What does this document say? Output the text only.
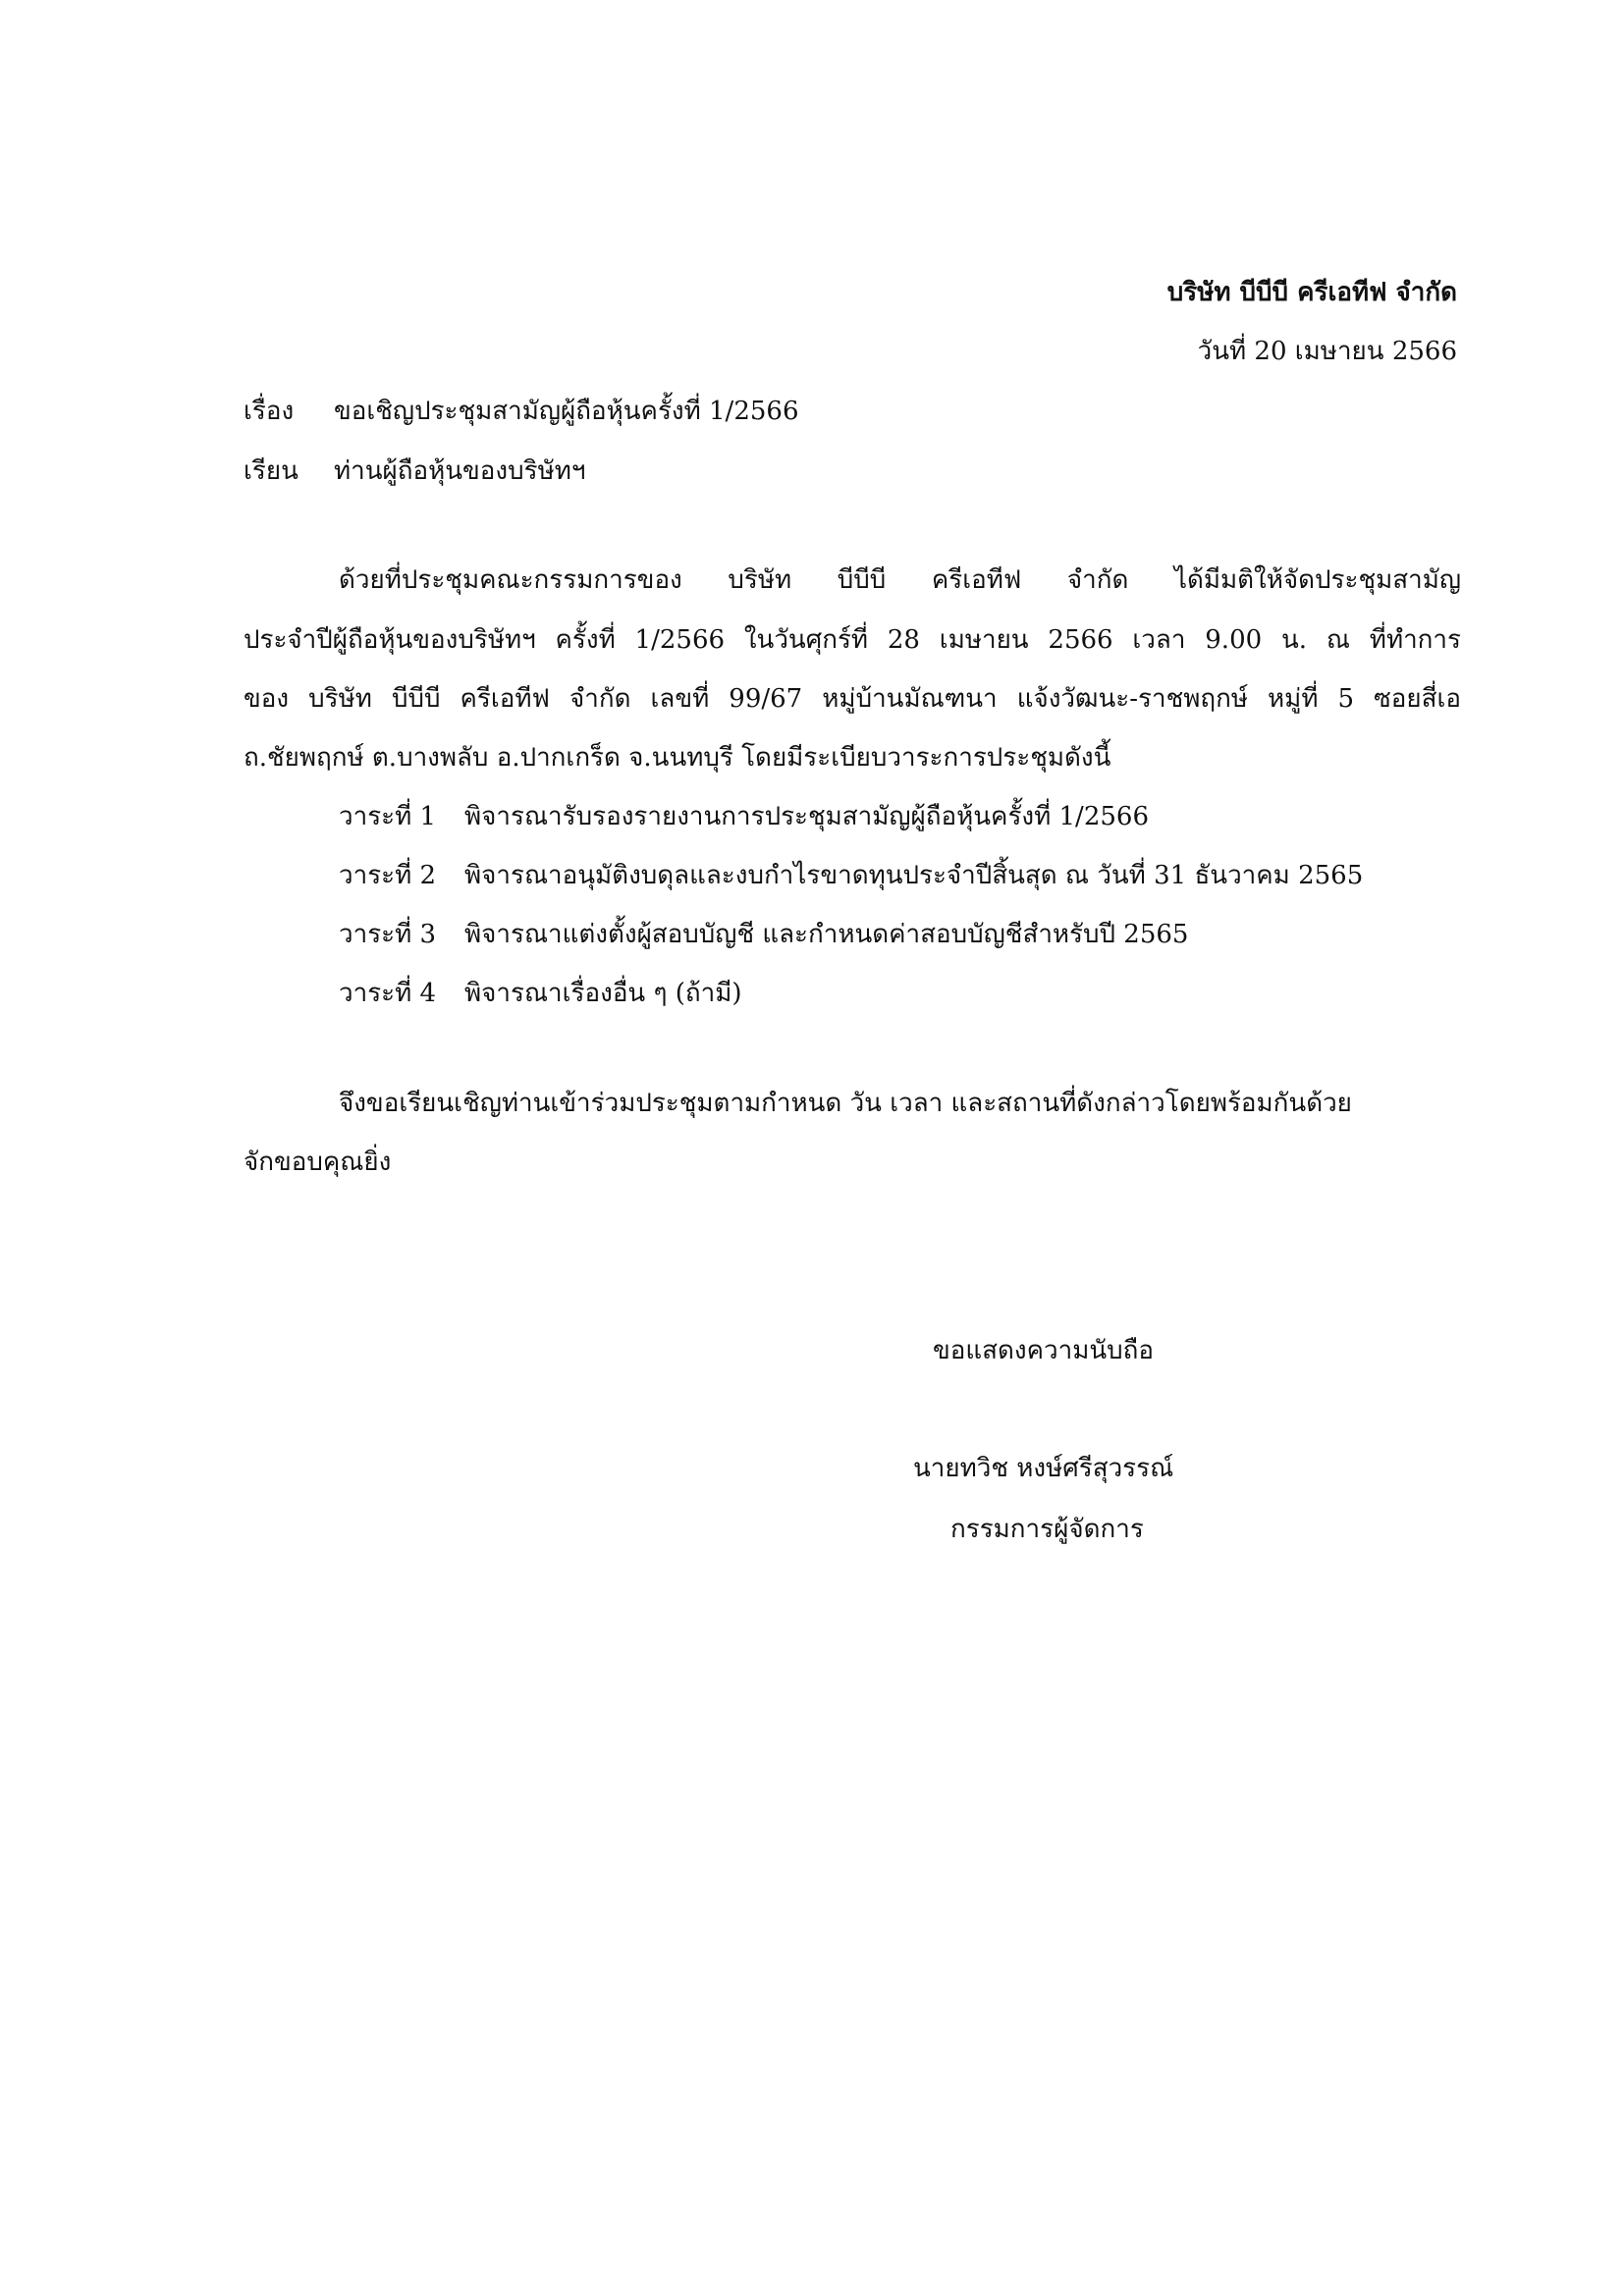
บริษัท บีบีบี ครีเอทีฟ จำกัด
วันที่ 20 เมษายน 2566
เรื่อง ขอเชิญประชุมสามัญผู้ถือหุ้นครั้งที่ 1/2566
เรียน ท่านผู้ถือหุ้นของบริษัทฯ
ด้วยที่ประชุมคณะกรรมการของ บริษัท บีบีบี ครีเอทีฟ จำกัด ได้มีมติให้จัดประชุมสามัญ
ประจำปีผู้ถือหุ้นของบริษัทฯ ครั้งที่ 1/2566 ในวันศุกร์ที่ 28 เมษายน 2566 เวลา 9.00 น. ณ ที่ทำการ
ของ บริษัท บีบีบี ครีเอทีฟ จำกัด เลขที่ 99/67 หมู่บ้านมัณฑนา แจ้งวัฒนะ-ราชพฤกษ์ หมู่ที่ 5 ซอยสี่เอ
ถ.ชัยพฤกษ์ ต.บางพลับ อ.ปากเกร็ด จ.นนทบุรี โดยมีระเบียบวาระการประชุมดังนี้
วาระที่ 1 พิจารณารับรองรายงานการประชุมสามัญผู้ถือหุ้นครั้งที่ 1/2566
วาระที่ 2 พิจารณาอนุมัติงบดุลและงบกำไรขาดทุนประจำปีสิ้นสุด ณ วันที่ 31 ธันวาคม 2565
วาระที่ 3 พิจารณาแต่งตั้งผู้สอบบัญชี และกำหนดค่าสอบบัญชีสำหรับปี 2565
วาระที่ 4 พิจารณาเรื่องอื่น ๆ (ถ้ามี)
จึงขอเรียนเชิญท่านเข้าร่วมประชุมตามกำหนด วัน เวลา และสถานที่ดังกล่าวโดยพร้อมกันด้วย
จักขอบคุณยิ่ง
ขอแสดงความนับถือ
นายทวิช หงษ์ศรีสุวรรณ์
กรรมการผู้จัดการ
